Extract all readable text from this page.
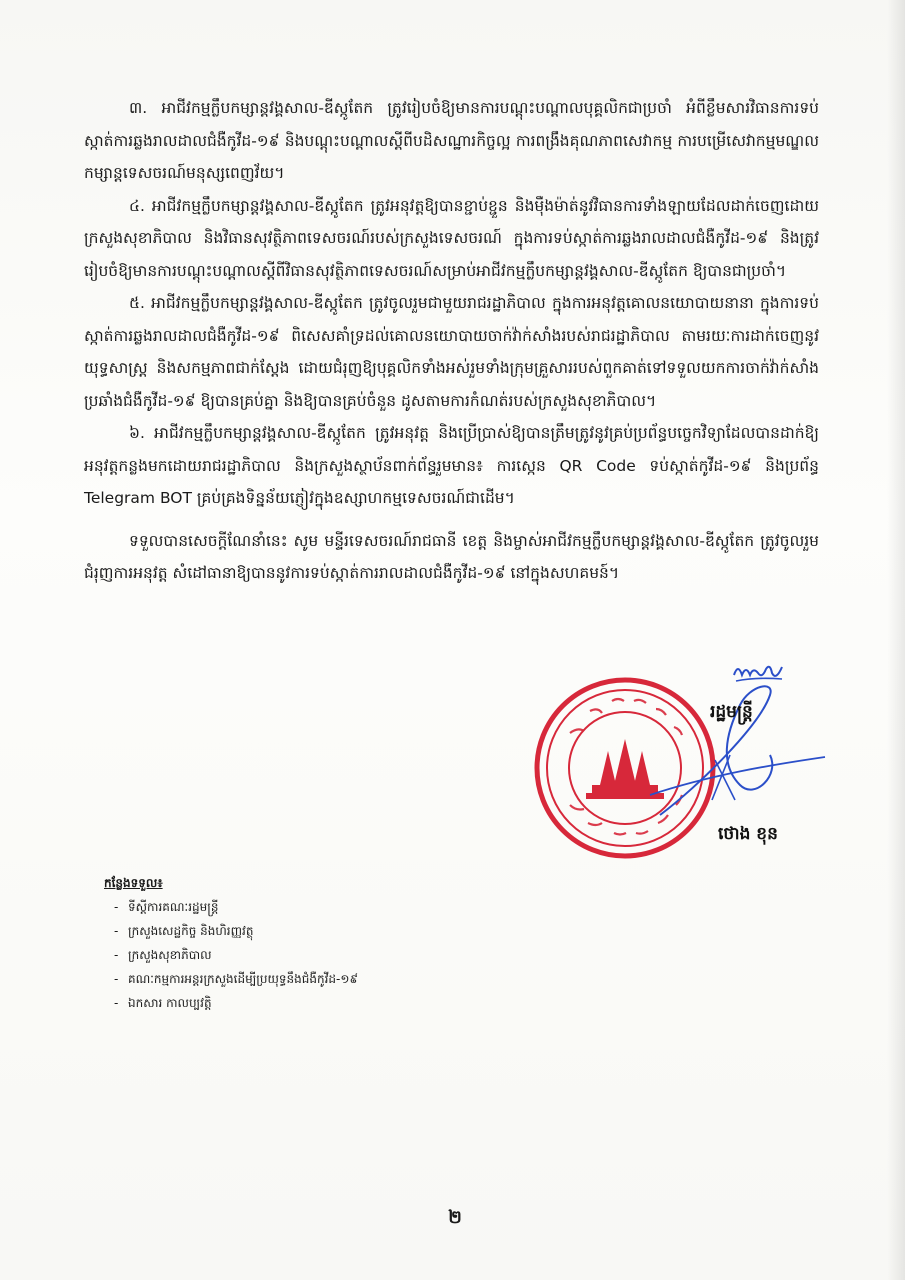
៣. អាជីវកម្មក្លឹបកម្សាន្តវង្គសាល-ឌីស្កូតែក ត្រូវរៀបចំឱ្យមានការបណ្តុះបណ្តាលបុគ្គលិកជាប្រចាំ អំពីខ្លឹមសារវិធានការទប់ស្កាត់ការឆ្លងរាលដាលជំងឺកូវីដ-១៩ និងបណ្តុះបណ្តាលស្តីពីបដិសណ្ឋារកិច្ចល្អ ការពង្រឹងគុណភាពសេវាកម្ម ការបម្រើសេវាកម្មមណ្ឌលកម្សាន្តទេសចរណ៍មនុស្សពេញវ័យ។

៤. អាជីវកម្មក្លឹបកម្សាន្តវង្គសាល-ឌីស្កូតែក ត្រូវអនុវត្តឱ្យបានខ្ជាប់ខ្ជួន និងម៉ឺងម៉ាត់នូវវិធានការទាំងឡាយដែលដាក់ចេញដោយក្រសួងសុខាភិបាល និងវិធានសុវត្ថិភាពទេសចរណ៍របស់ក្រសួងទេសចរណ៍ ក្នុងការទប់ស្កាត់ការឆ្លងរាលដាលជំងឺកូវីដ-១៩ និងត្រូវរៀបចំឱ្យមានការបណ្តុះបណ្តាលស្តីពីវិធានសុវត្ថិភាពទេសចរណ៍សម្រាប់អាជីវកម្មក្លឹបកម្សាន្តវង្គសាល-ឌីស្កូតែក ឱ្យបានជាប្រចាំ។

៥. អាជីវកម្មក្លឹបកម្សាន្តវង្គសាល-ឌីស្កូតែក ត្រូវចូលរួមជាមួយរាជរដ្ឋាភិបាល ក្នុងការអនុវត្តគោលនយោបាយនានា ក្នុងការទប់ស្កាត់ការឆ្លងរាលដាលជំងឺកូវីដ-១៩ ពិសេសគាំទ្រដល់គោលនយោបាយចាក់វ៉ាក់សាំងរបស់រាជរដ្ឋាភិបាល តាមរយៈការដាក់ចេញនូវយុទ្ធសាស្ត្រ និងសកម្មភាពជាក់ស្តែង ដោយជំរុញឱ្យបុគ្គលិកទាំងអស់រួមទាំងក្រុមគ្រួសាររបស់ពួកគាត់ទៅទទួលយកការចាក់វ៉ាក់សាំងប្រឆាំងជំងឺកូវីដ-១៩ ឱ្យបានគ្រប់គ្នា និងឱ្យបានគ្រប់ចំនួន ដូសតាមការកំណត់របស់ក្រសួងសុខាភិបាល។

៦. អាជីវកម្មក្លឹបកម្សាន្តវង្គសាល-ឌីស្កូតែក ត្រូវអនុវត្ត និងប្រើប្រាស់ឱ្យបានត្រឹមត្រូវនូវគ្រប់ប្រព័ន្ធបច្ចេកវិទ្យាដែលបានដាក់ឱ្យអនុវត្តកន្លងមកដោយរាជរដ្ឋាភិបាល និងក្រសួងស្ថាប័នពាក់ព័ន្ធរួមមាន៖ ការស្កេន QR Code ទប់ស្កាត់កូវីដ-១៩ និងប្រព័ន្ធ Telegram BOT គ្រប់គ្រងទិន្នន័យភ្ញៀវក្នុងឧស្សាហកម្មទេសចរណ៍ជាដើម។

ទទួលបានសេចក្តីណែនាំនេះ សូម មន្ទីរទេសចរណ៍រាជធានី ខេត្ត និងម្ចាស់អាជីវកម្មក្លឹបកម្សាន្តវង្គសាល-ឌីស្កូតែក ត្រូវចូលរួមជំរុញការអនុវត្ត សំដៅធានាឱ្យបាននូវការទប់ស្កាត់ការរាលដាលជំងឺកូវីដ-១៩ នៅក្នុងសហគមន៍។

រដ្ឋមន្ត្រី
ថោង ខុន
កន្លែងទទួល៖
- ទីស្តីការគណៈរដ្ឋមន្ត្រី
- ក្រសួងសេដ្ឋកិច្ច និងហិរញ្ញវត្ថុ
- ក្រសួងសុខាភិបាល
- គណៈកម្មការអន្តរក្រសួងដើម្បីប្រយុទ្ធនឹងជំងឺកូវីដ-១៩
- ឯកសារ កាលប្បវត្តិ
២
